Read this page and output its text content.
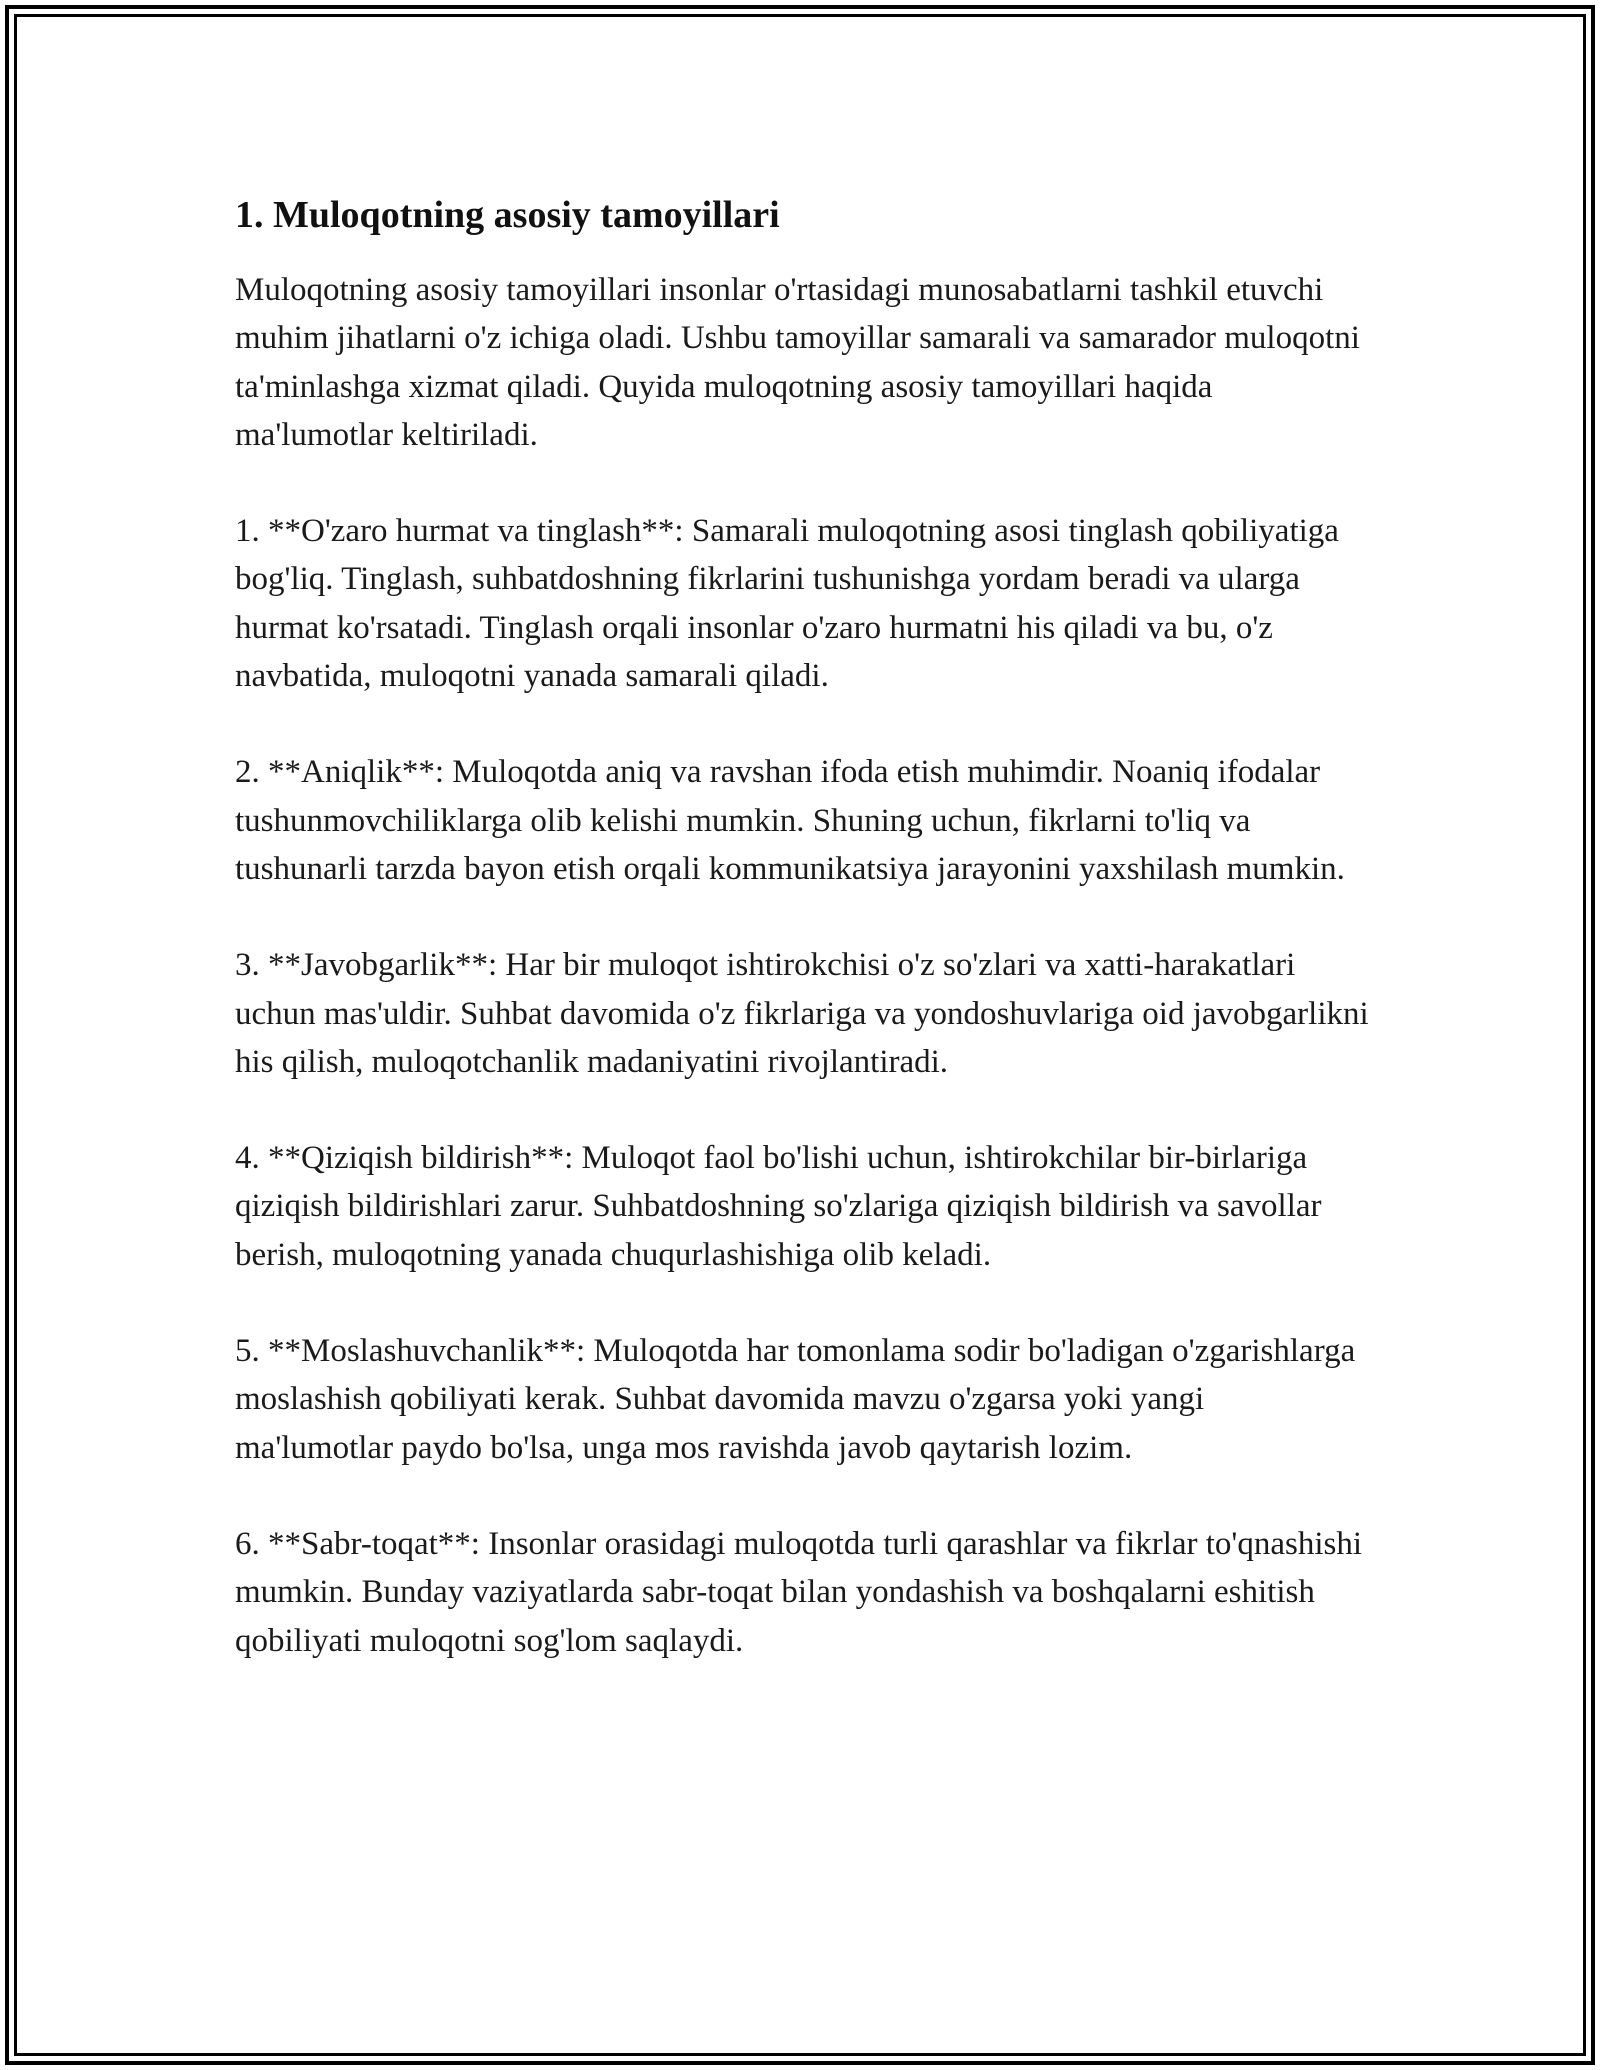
1. Muloqotning asosiy tamoyillari

Muloqotning asosiy tamoyillari insonlar o'rtasidagi munosabatlarni tashkil etuvchi muhim jihatlarni o'z ichiga oladi. Ushbu tamoyillar samarali va samarador muloqotni ta'minlashga xizmat qiladi. Quyida muloqotning asosiy tamoyillari haqida ma'lumotlar keltiriladi.

1. **O'zaro hurmat va tinglash**: Samarali muloqotning asosi tinglash qobiliyatiga bog'liq. Tinglash, suhbatdoshning fikrlarini tushunishga yordam beradi va ularga hurmat ko'rsatadi. Tinglash orqali insonlar o'zaro hurmatni his qiladi va bu, o'z navbatida, muloqotni yanada samarali qiladi.

2. **Aniqlik**: Muloqotda aniq va ravshan ifoda etish muhimdir. Noaniq ifodalar tushunmovchiliklarga olib kelishi mumkin. Shuning uchun, fikrlarni to'liq va tushunarli tarzda bayon etish orqali kommunikatsiya jarayonini yaxshilash mumkin.

3. **Javobgarlik**: Har bir muloqot ishtirokchisi o'z so'zlari va xatti-harakatlari uchun mas'uldir. Suhbat davomida o'z fikrlariga va yondoshuvlariga oid javobgarlikni his qilish, muloqotchanlik madaniyatini rivojlantiradi.

4. **Qiziqish bildirish**: Muloqot faol bo'lishi uchun, ishtirokchilar bir-birlariga qiziqish bildirishlari zarur. Suhbatdoshning so'zlariga qiziqish bildirish va savollar berish, muloqotning yanada chuqurlashishiga olib keladi.

5. **Moslashuvchanlik**: Muloqotda har tomonlama sodir bo'ladigan o'zgarishlarga moslashish qobiliyati kerak. Suhbat davomida mavzu o'zgarsa yoki yangi ma'lumotlar paydo bo'lsa, unga mos ravishda javob qaytarish lozim.

6. **Sabr-toqat**: Insonlar orasidagi muloqotda turli qarashlar va fikrlar to'qnashishi mumkin. Bunday vaziyatlarda sabr-toqat bilan yondashish va boshqalarni eshitish qobiliyati muloqotni sog'lom saqlaydi.
